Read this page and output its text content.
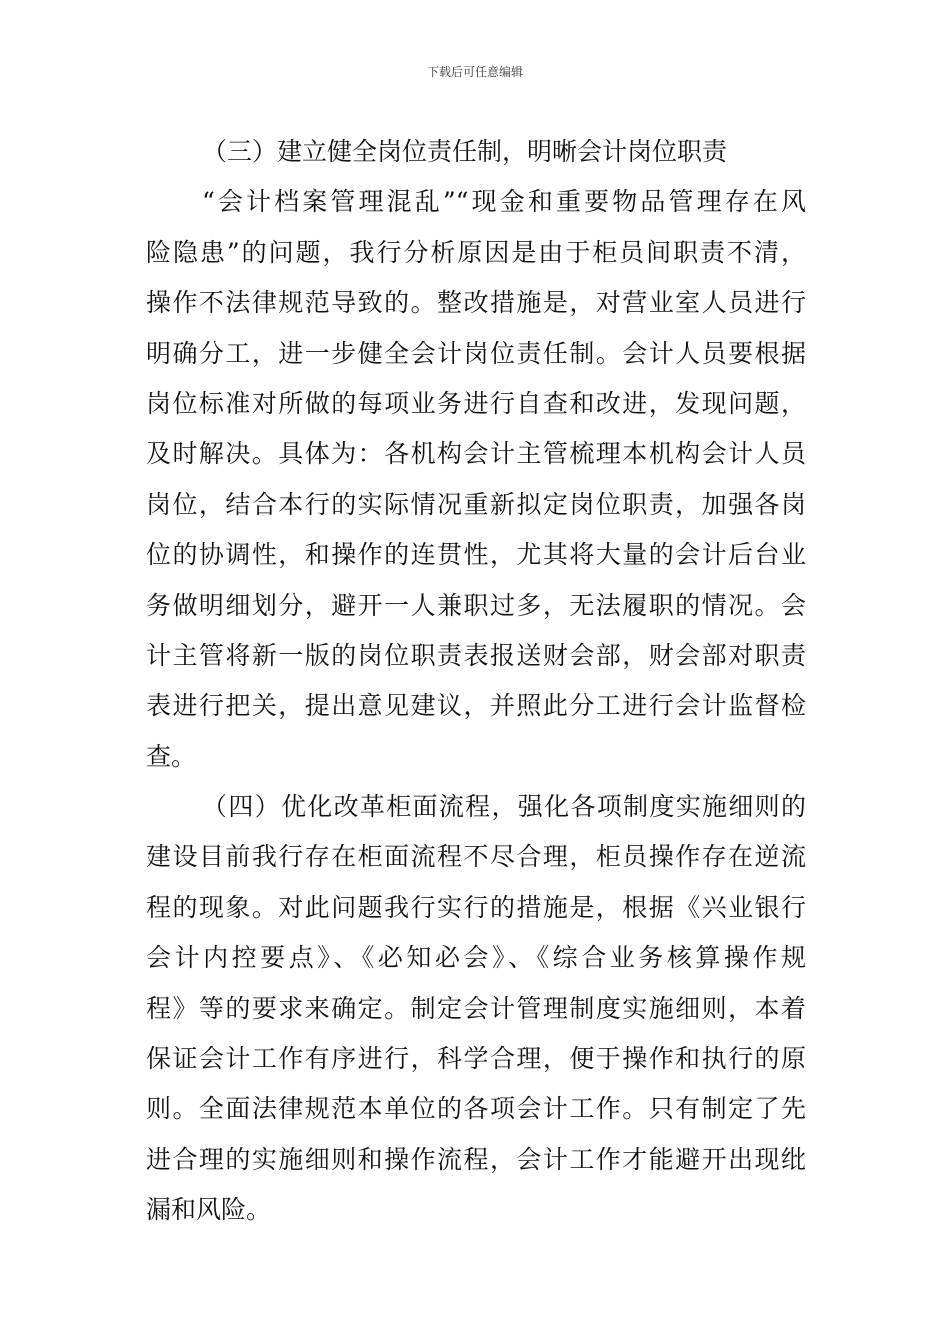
下载后可任意编辑
（三）建立健全岗位责任制，明晰会计岗位职责
“会计档案管理混乱”“现金和重要物品管理存在风
险隐患”的问题，我行分析原因是由于柜员间职责不清，
操作不法律规范导致的。整改措施是，对营业室人员进行
明确分工，进一步健全会计岗位责任制。会计人员要根据
岗位标准对所做的每项业务进行自查和改进，发现问题，
及时解决。具体为：各机构会计主管梳理本机构会计人员
岗位，结合本行的实际情况重新拟定岗位职责，加强各岗
位的协调性，和操作的连贯性，尤其将大量的会计后台业
务做明细划分，避开一人兼职过多，无法履职的情况。会
计主管将新一版的岗位职责表报送财会部，财会部对职责
表进行把关，提出意见建议，并照此分工进行会计监督检
查。
（四）优化改革柜面流程，强化各项制度实施细则的
建设目前我行存在柜面流程不尽合理，柜员操作存在逆流
程的现象。对此问题我行实行的措施是，根据《兴业银行
会计内控要点》、《必知必会》、《综合业务核算操作规
程》等的要求来确定。制定会计管理制度实施细则，本着
保证会计工作有序进行，科学合理，便于操作和执行的原
则。全面法律规范本单位的各项会计工作。只有制定了先
进合理的实施细则和操作流程，会计工作才能避开出现纰
漏和风险。
